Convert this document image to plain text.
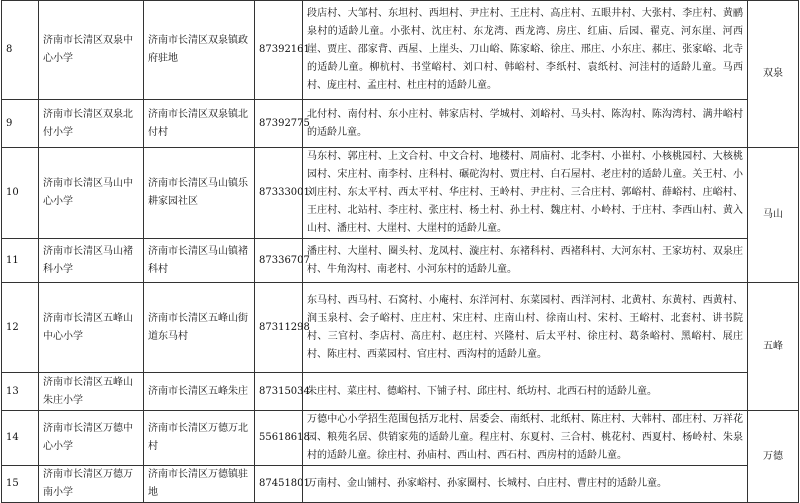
8	济南市长清区双泉中心小学	济南市长清区双泉镇政府驻地	87392161	段店村、大邹村、东坦村、西坦村、尹庄村、王庄村、高庄村、五眼井村、大张村、李庄村、黄鹂泉村的适龄儿童。小张村、沈庄村、东龙湾、西龙湾、房庄、红庙、后园、翟克、河东崖、河西崖、贾庄、邵家背、西屋、上崖头、刀山峪、陈家峪、徐庄、邢庄、小东庄、郝庄、张家峪、北寺的适龄儿童。柳杭村、书堂峪村、刘口村、韩峪村、李纸村、袁纸村、河洼村的适龄儿童。马西村、庞庄村、孟庄村、杜庄村的适龄儿童。	双泉
9	济南市长清区双泉北付小学	济南市长清区双泉镇北付村	87392775	北付村、南付村、东小庄村、韩家店村、学城村、刘峪村、马头村、陈沟村、陈沟湾村、满井峪村的适龄儿童。	
10	济南市长清区马山中心小学	济南市长清区马山镇乐耕家园社区	87333001	马东村、郭庄村、上文合村、中文合村、地楼村、周庙村、北李村、小崔村、小核桃园村、大核桃园村、宋庄村、南李村、庄科村、碾砣沟村、贾庄村、白石屋村、老庄村的适龄儿童。关王村、小刘庄村、东太平村、西太平村、华庄村、王岭村、尹庄村、三合庄村、郭峪村、薛峪村、庄峪村、王庄村、北站村、李庄村、张庄村、杨土村、孙土村、魏庄村、小岭村、于庄村、李西山村、黄入山村、潘庄村、大崖村、大崖村的适龄儿童。	马山
11	济南市长清区马山褚科小学	济南市长清区马山镇褚科村	87336707	潘庄村、大崖村、圈头村、龙凤村、漩庄村、东褚科村、西褚科村、大河东村、王家坊村、双泉庄村、牛角沟村、南老村、小河东村的适龄儿童。	
12	济南市长清区五峰山中心小学	济南市长清区五峰山街道东马村	87311298	东马村、西马村、石窝村、小庵村、东洋河村、东菜园村、西洋河村、北黄村、东黄村、西黄村、润玉泉村、会子峪村、庄庄村、宋庄村、庄南山村、徐南山村、宋村、王峪村、北套村、讲书院村、三官村、李店村、高庄村、赵庄村、兴隆村、后太平村、徐庄村、葛条峪村、黑峪村、展庄村、陈庄村、西菜园村、官庄村、西沟村的适龄儿童。	五峰
13	济南市长清区五峰山朱庄小学	济南市长清区五峰朱庄	87315034	朱庄村、菜庄村、德峪村、下铺子村、邱庄村、纸坊村、北西石村的适龄儿童。	
14	济南市长清区万德中心小学	济南市长清区万德万北村	55618618	万德中心小学招生范围包括万北村、居委会、南纸村、北纸村、陈庄村、大韩村、邵庄村、万祥花园、粮苑名居、供销家苑的适龄儿童。程庄村、东夏村、三合村、桃花村、西夏村、杨岭村、朱泉村的适龄儿童。徐庄村、孙庙村、西山村、西石村、西房村的适龄儿童。	万德
15	济南市长清区万德万南小学	济南市长清区万德镇驻地	87451801	万南村、金山铺村、孙家峪村、孙家圈村、长城村、白庄村、曹庄村的适龄儿童。	
